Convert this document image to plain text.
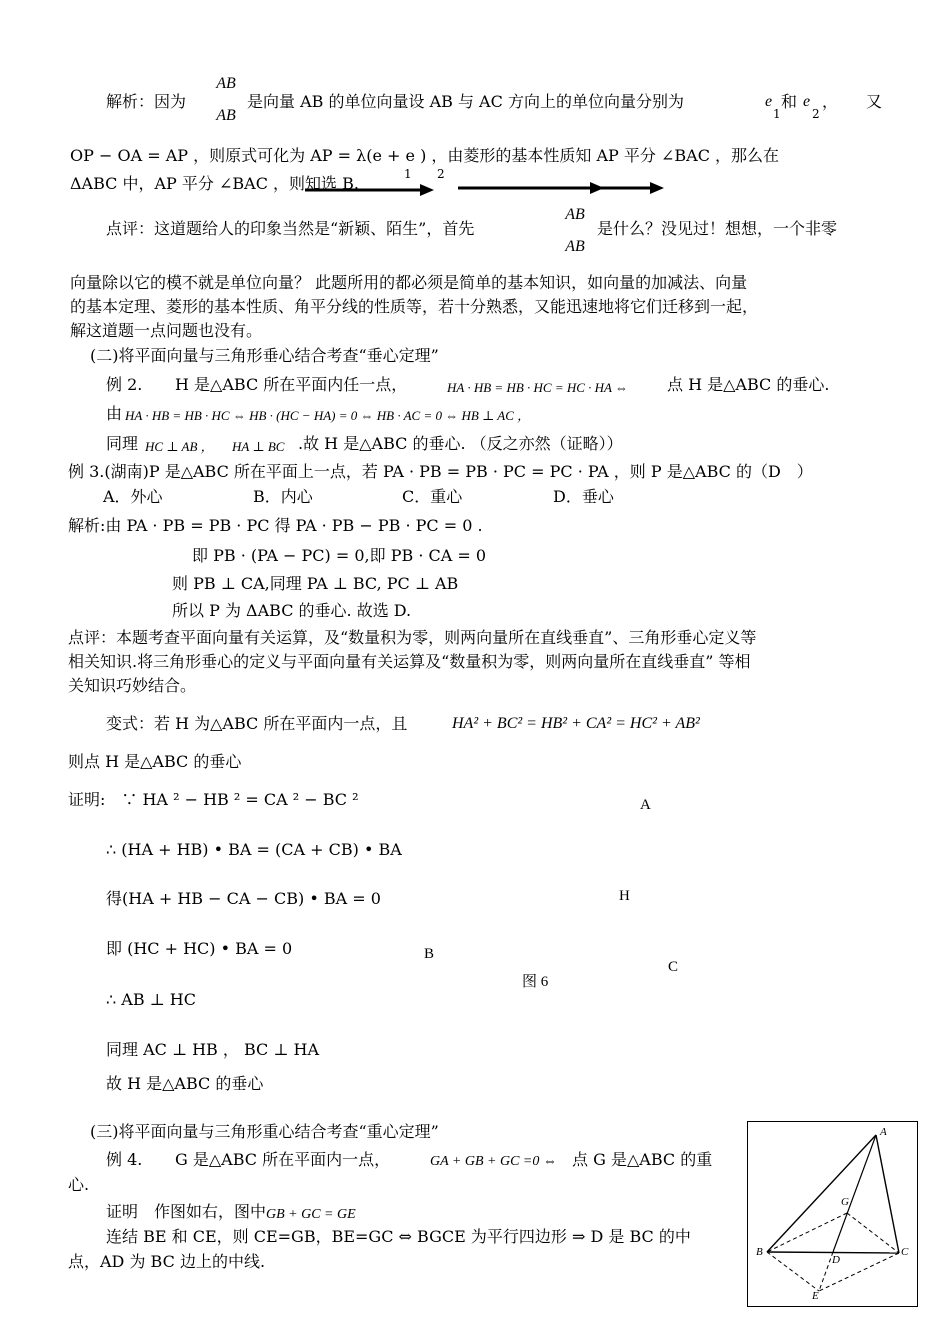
解析：因为
AB
AB
是向量 AB 的单位向量设 AB 与 AC 方向上的单位向量分别为	e
1
和 e
2
， 又
OP − OA = AP ，则原式可化为 AP = λ(e + e ) ，由菱形的基本性质知 AP 平分 ∠BAC ，那么在
1 2
ΔABC 中，AP 平分 ∠BAC ，则知选 B.
点评：这道题给人的印象当然是“新颖、陌生”，首先
AB
AB
是什么？没见过！想想，一个非零
向量除以它的模不就是单位向量？ 此题所用的都必须是简单的基本知识，如向量的加减法、向量
的基本定理、菱形的基本性质、角平分线的性质等，若十分熟悉，又能迅速地将它们迁移到一起，
解这道题一点问题也没有。
(二)将平面向量与三角形垂心结合考查“垂心定理”
例 2. H 是△ABC 所在平面内任一点，	HA · HB = HB · HC = HC · HA ⇔ 点 H 是△ABC 的垂心.
由 HA · HB = HB · HC ⇔ HB · (HC − HA) = 0 ⇔ HB · AC = 0 ⇔ HB ⊥ AC ，
同理 HC ⊥ AB ， HA ⊥ BC .故 H 是△ABC 的垂心. （反之亦然（证略））
例 3.(湖南)P 是△ABC 所在平面上一点，若 PA · PB = PB · PC = PC · PA ，则 P 是△ABC 的（D　）
A．外心	B．内心	C．重心	D．垂心
解析:由 PA · PB = PB · PC 得 PA · PB − PB · PC = 0 .
即 PB · (PA − PC) = 0,即 PB · CA = 0
则 PB ⊥ CA,同理 PA ⊥ BC, PC ⊥ AB
所以 P 为 ΔABC 的垂心. 故选 D.
点评：本题考查平面向量有关运算，及“数量积为零，则两向量所在直线垂直”、三角形垂心定义等
相关知识.将三角形垂心的定义与平面向量有关运算及“数量积为零，则两向量所在直线垂直” 等相
关知识巧妙结合。
变式：若 H 为△ABC 所在平面内一点，且	HA² + BC² = HB² + CA² = HC² + AB²
则点 H 是△ABC 的垂心
证明:　∵ HA ² − HB ² = CA ² − BC ²
∴ (HA + HB) • BA = (CA + CB) • BA
得(HA + HB − CA − CB) • BA = 0
即 (HC + HC) • BA = 0
∴ AB ⊥ HC
同理 AC ⊥ HB ， BC ⊥ HA
故 H 是△ABC 的垂心
A
H
B
C
图 6
(三)将平面向量与三角形重心结合考查“重心定理”
例 4. G 是△ABC 所在平面内一点，	GA + GB + GC =0 ⇔ 点 G 是△ABC 的重
心.
证明　作图如右，图中 GB + GC = GE
连结 BE 和 CE，则 CE=GB，BE=GC ⇔ BGCE 为平行四边形 ⇒ D 是 BC 的中
点，AD 为 BC 边上的中线.
A
G
B
D
C
E
